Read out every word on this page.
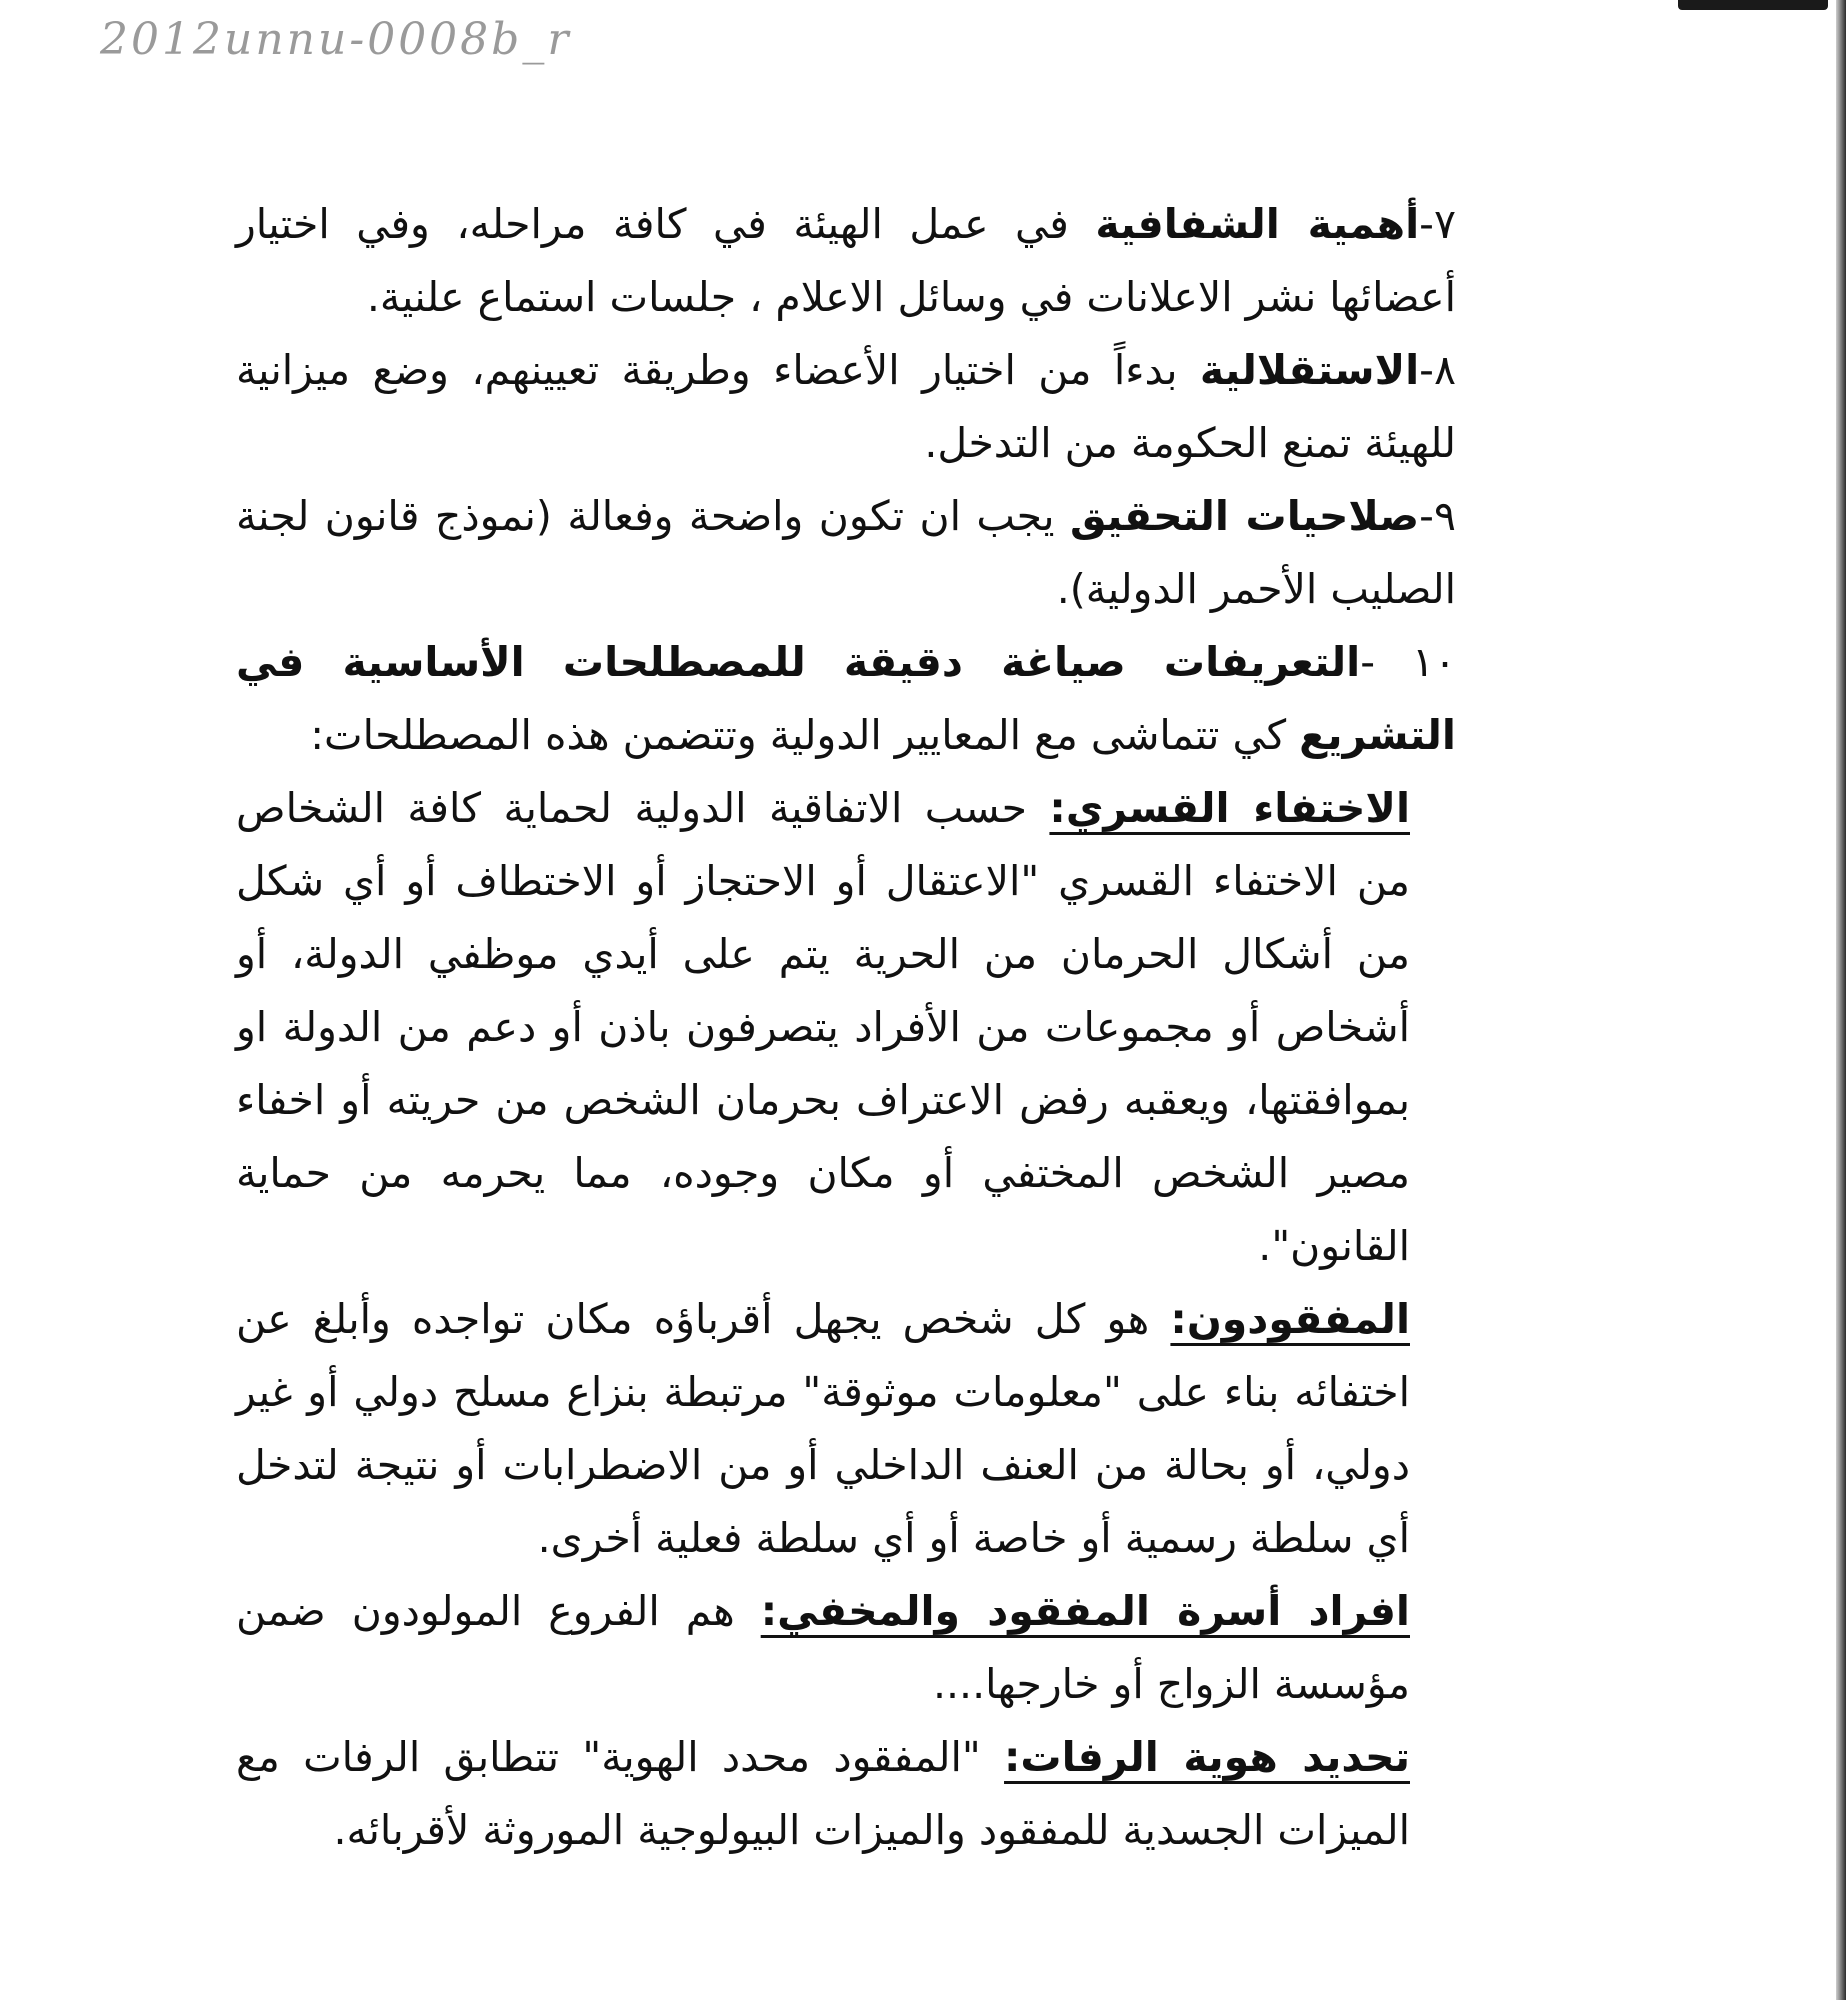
2012unnu-0008b_r

٧-أهمية الشفافية في عمل الهيئة في كافة مراحله، وفي اختيار أعضائها نشر الاعلانات في وسائل الاعلام ، جلسات استماع علنية.

٨-الاستقلالية بدءاً من اختيار الأعضاء وطريقة تعيينهم، وضع ميزانية للهيئة تمنع الحكومة من التدخل.

٩-صلاحيات التحقيق يجب ان تكون واضحة وفعالة (نموذج قانون لجنة الصليب الأحمر الدولية).

١٠ -التعريفات صياغة دقيقة للمصطلحات الأساسية في التشريع كي تتماشى مع المعايير الدولية وتتضمن هذه المصطلحات:

الاختفاء القسري: حسب الاتفاقية الدولية لحماية كافة الشخاص من الاختفاء القسري "الاعتقال أو الاحتجاز أو الاختطاف أو أي شكل من أشكال الحرمان من الحرية يتم على أيدي موظفي الدولة، أو أشخاص أو مجموعات من الأفراد يتصرفون باذن أو دعم من الدولة او بموافقتها، ويعقبه رفض الاعتراف بحرمان الشخص من حريته أو اخفاء مصير الشخص المختفي أو مكان وجوده، مما يحرمه من حماية القانون".

المفقودون: هو كل شخص يجهل أقرباؤه مكان تواجده وأبلغ عن اختفائه بناء على "معلومات موثوقة" مرتبطة بنزاع مسلح دولي أو غير دولي، أو بحالة من العنف الداخلي أو من الاضطرابات أو نتيجة لتدخل أي سلطة رسمية أو خاصة أو أي سلطة فعلية أخرى.

افراد أسرة المفقود والمخفي: هم الفروع المولودون ضمن مؤسسة الزواج أو خارجها....

تحديد هوية الرفات: "المفقود محدد الهوية" تتطابق الرفات مع الميزات الجسدية للمفقود والميزات البيولوجية الموروثة لأقربائه.
